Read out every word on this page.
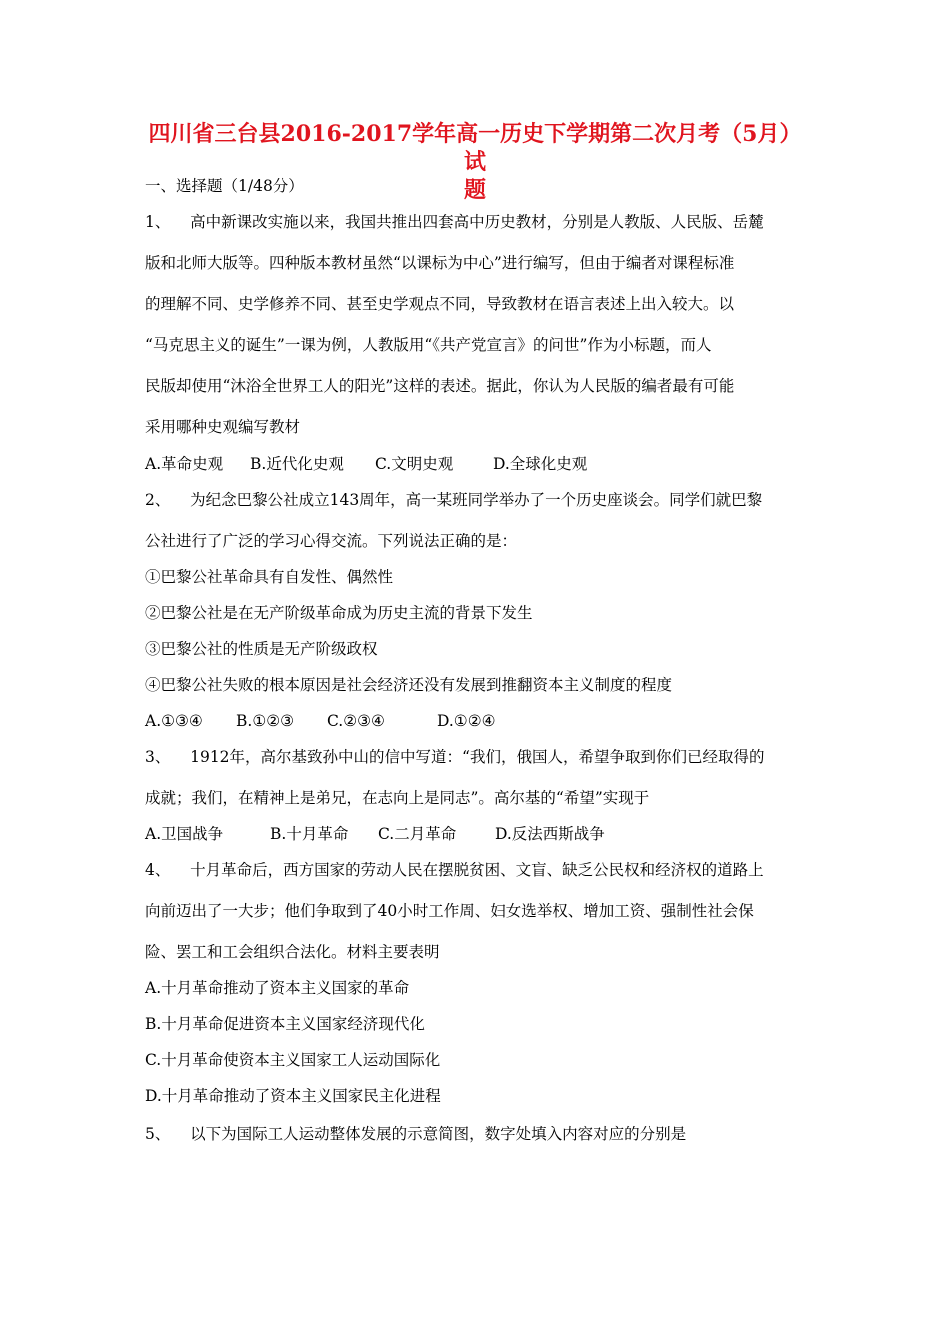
四川省三台县2016-2017学年高一历史下学期第二次月考（5月）试
题

一、选择题（1/48分）

1、 高中新课改实施以来，我国共推出四套高中历史教材，分别是人教版、人民版、岳麓

版和北师大版等。四种版本教材虽然“以课标为中心”进行编写，但由于编者对课程标准

的理解不同、史学修养不同、甚至史学观点不同，导致教材在语言表述上出入较大。以

“马克思主义的诞生”一课为例，人教版用“《共产党宣言》的问世”作为小标题，而人

民版却使用“沐浴全世界工人的阳光”这样的表述。据此，你认为人民版的编者最有可能

采用哪种史观编写教材

A.革命史观 B.近代化史观 C.文明史观	D.全球化史观

2、 为纪念巴黎公社成立143周年，高一某班同学举办了一个历史座谈会。同学们就巴黎

公社进行了广泛的学习心得交流。下列说法正确的是：

①巴黎公社革命具有自发性、偶然性

②巴黎公社是在无产阶级革命成为历史主流的背景下发生

③巴黎公社的性质是无产阶级政权

④巴黎公社失败的根本原因是社会经济还没有发展到推翻资本主义制度的程度

A.①③④ B.①②③ C.②③④	D.①②④

3、 1912年，高尔基致孙中山的信中写道：“我们，俄国人，希望争取到你们已经取得的

成就；我们，在精神上是弟兄，在志向上是同志”。高尔基的“希望”实现于

A.卫国战争	B.十月革命 C.二月革命	D.反法西斯战争

4、 十月革命后，西方国家的劳动人民在摆脱贫困、文盲、缺乏公民权和经济权的道路上

向前迈出了一大步；他们争取到了40小时工作周、妇女选举权、增加工资、强制性社会保

险、罢工和工会组织合法化。材料主要表明

A.十月革命推动了资本主义国家的革命

B.十月革命促进资本主义国家经济现代化

C.十月革命使资本主义国家工人运动国际化

D.十月革命推动了资本主义国家民主化进程

5、 以下为国际工人运动整体发展的示意简图，数字处填入内容对应的分别是
